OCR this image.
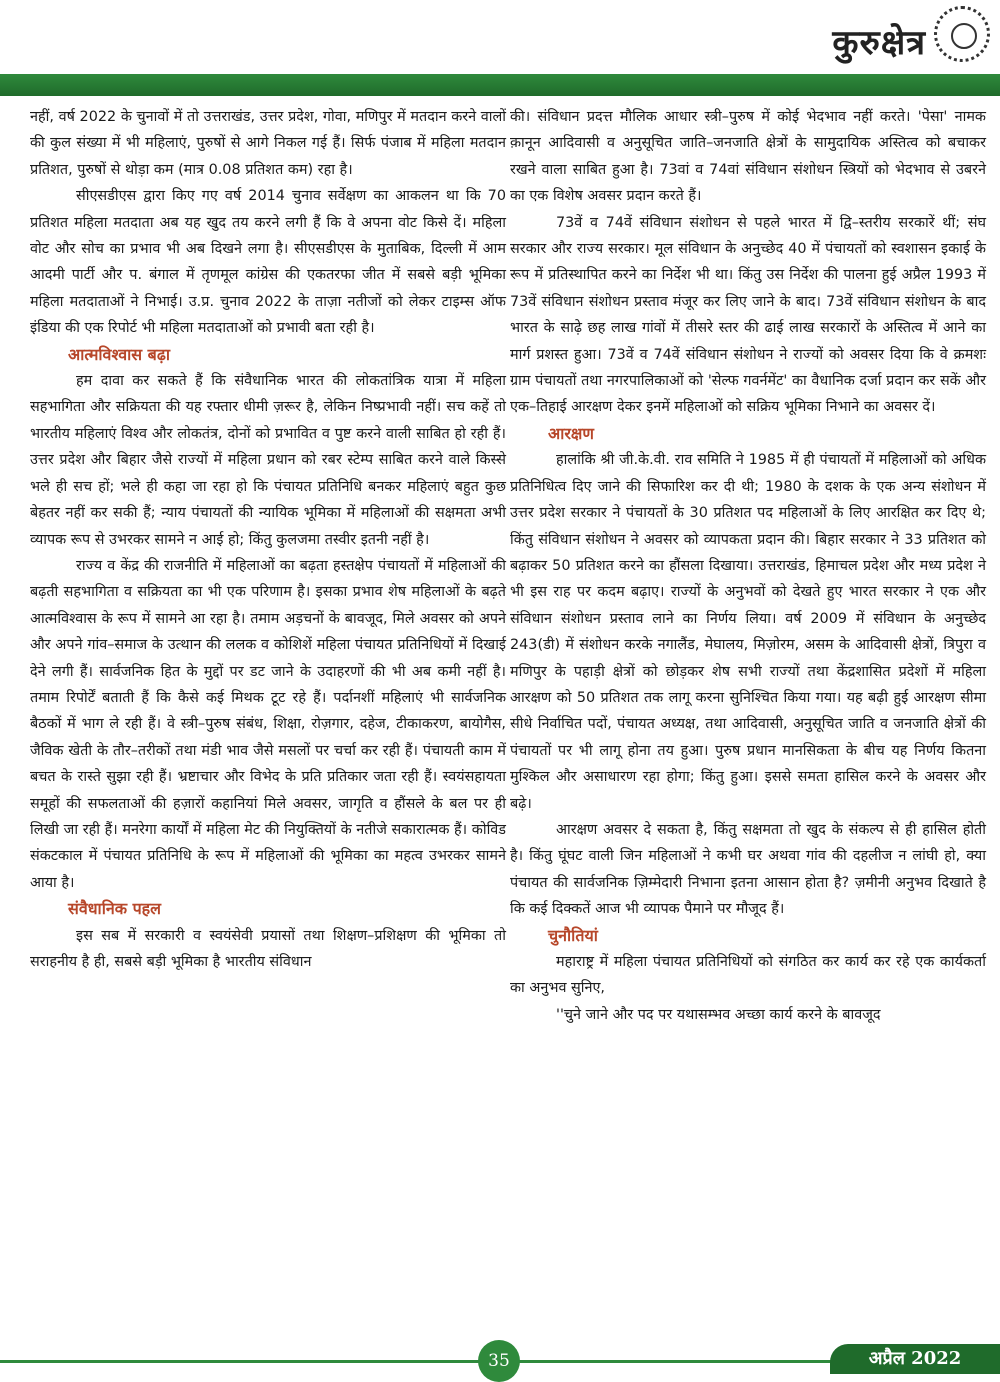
कुरुक्षेत्र

नहीं, वर्ष 2022 के चुनावों में तो उत्तराखंड, उत्तर प्रदेश, गोवा, मणिपुर में मतदान करने वालों की कुल संख्या में भी महिलाएं, पुरुषों से आगे निकल गई हैं। सिर्फ पंजाब में महिला मतदान प्रतिशत, पुरुषों से थोड़ा कम (मात्र 0.08 प्रतिशत कम) रहा है।

सीएसडीएस द्वारा किए गए वर्ष 2014 चुनाव सर्वेक्षण का आकलन था कि 70 प्रतिशत महिला मतदाता अब यह खुद तय करने लगी हैं कि वे अपना वोट किसे दें। महिला वोट और सोच का प्रभाव भी अब दिखने लगा है। सीएसडीएस के मुताबिक, दिल्ली में आम आदमी पार्टी और प. बंगाल में तृणमूल कांग्रेस की एकतरफा जीत में सबसे बड़ी भूमिका महिला मतदाताओं ने निभाई। उ.प्र. चुनाव 2022 के ताज़ा नतीजों को लेकर टाइम्स ऑफ इंडिया की एक रिपोर्ट भी महिला मतदाताओं को प्रभावी बता रही है।

आत्मविश्वास बढ़ा

हम दावा कर सकते हैं कि संवैधानिक भारत की लोकतांत्रिक यात्रा में महिला सहभागिता और सक्रियता की यह रफ्तार धीमी ज़रूर है, लेकिन निष्प्रभावी नहीं। सच कहें तो भारतीय महिलाएं विश्व और लोकतंत्र, दोनों को प्रभावित व पुष्ट करने वाली साबित हो रही हैं। उत्तर प्रदेश और बिहार जैसे राज्यों में महिला प्रधान को रबर स्टेम्प साबित करने वाले किस्से भले ही सच हों; भले ही कहा जा रहा हो कि पंचायत प्रतिनिधि बनकर महिलाएं बहुत कुछ बेहतर नहीं कर सकी हैं; न्याय पंचायतों की न्यायिक भूमिका में महिलाओं की सक्षमता अभी व्यापक रूप से उभरकर सामने न आई हो; किंतु कुलजमा तस्वीर इतनी नहीं है।

राज्य व केंद्र की राजनीति में महिलाओं का बढ़ता हस्तक्षेप पंचायतों में महिलाओं की बढ़ती सहभागिता व सक्रियता का भी एक परिणाम है। इसका प्रभाव शेष महिलाओं के बढ़ते आत्मविश्वास के रूप में सामने आ रहा है। तमाम अड़चनों के बावजूद, मिले अवसर को अपने और अपने गांव–समाज के उत्थान की ललक व कोशिशें महिला पंचायत प्रतिनिधियों में दिखाई देने लगी हैं। सार्वजनिक हित के मुद्दों पर डट जाने के उदाहरणों की भी अब कमी नहीं है। तमाम रिपोर्टें बताती हैं कि कैसे कई मिथक टूट रहे हैं। पर्दानशीं महिलाएं भी सार्वजनिक बैठकों में भाग ले रही हैं। वे स्त्री–पुरुष संबंध, शिक्षा, रोज़गार, दहेज, टीकाकरण, बायोगैस, जैविक खेती के तौर–तरीकों तथा मंडी भाव जैसे मसलों पर चर्चा कर रही हैं। पंचायती काम में बचत के रास्ते सुझा रही हैं। भ्रष्टाचार और विभेद के प्रति प्रतिकार जता रही हैं। स्वयंसहायता समूहों की सफलताओं की हज़ारों कहानियां मिले अवसर, जागृति व हौंसले के बल पर ही लिखी जा रही हैं। मनरेगा कार्यों में महिला मेट की नियुक्तियों के नतीजे सकारात्मक हैं। कोविड संकटकाल में पंचायत प्रतिनिधि के रूप में महिलाओं की भूमिका का महत्व उभरकर सामने आया है।

संवैधानिक पहल

इस सब में सरकारी व स्वयंसेवी प्रयासों तथा शिक्षण–प्रशिक्षण की भूमिका तो सराहनीय है ही, सबसे बड़ी भूमिका है भारतीय संविधान

की। संविधान प्रदत्त मौलिक आधार स्त्री–पुरुष में कोई भेदभाव नहीं करते। 'पेसा' नामक क़ानून आदिवासी व अनुसूचित जाति–जनजाति क्षेत्रों के सामुदायिक अस्तित्व को बचाकर रखने वाला साबित हुआ है। 73वां व 74वां संविधान संशोधन स्त्रियों को भेदभाव से उबरने का एक विशेष अवसर प्रदान करते हैं।

73वें व 74वें संविधान संशोधन से पहले भारत में द्वि–स्तरीय सरकारें थीं; संघ सरकार और राज्य सरकार। मूल संविधान के अनुच्छेद 40 में पंचायतों को स्वशासन इकाई के रूप में प्रतिस्थापित करने का निर्देश भी था। किंतु उस निर्देश की पालना हुई अप्रैल 1993 में 73वें संविधान संशोधन प्रस्ताव मंजूर कर लिए जाने के बाद। 73वें संविधान संशोधन के बाद भारत के साढ़े छह लाख गांवों में तीसरे स्तर की ढाई लाख सरकारों के अस्तित्व में आने का मार्ग प्रशस्त हुआ। 73वें व 74वें संविधान संशोधन ने राज्यों को अवसर दिया कि वे क्रमशः ग्राम पंचायतों तथा नगरपालिकाओं को 'सेल्फ गवर्नमेंट' का वैधानिक दर्जा प्रदान कर सकें और एक–तिहाई आरक्षण देकर इनमें महिलाओं को सक्रिय भूमिका निभाने का अवसर दें।

आरक्षण

हालांकि श्री जी.के.वी. राव समिति ने 1985 में ही पंचायतों में महिलाओं को अधिक प्रतिनिधित्व दिए जाने की सिफारिश कर दी थी; 1980 के दशक के एक अन्य संशोधन में उत्तर प्रदेश सरकार ने पंचायतों के 30 प्रतिशत पद महिलाओं के लिए आरक्षित कर दिए थे; किंतु संविधान संशोधन ने अवसर को व्यापकता प्रदान की। बिहार सरकार ने 33 प्रतिशत को बढ़ाकर 50 प्रतिशत करने का हौंसला दिखाया। उत्तराखंड, हिमाचल प्रदेश और मध्य प्रदेश ने भी इस राह पर कदम बढ़ाए। राज्यों के अनुभवों को देखते हुए भारत सरकार ने एक और संविधान संशोधन प्रस्ताव लाने का निर्णय लिया। वर्ष 2009 में संविधान के अनुच्छेद 243(डी) में संशोधन करके नगालैंड, मेघालय, मिज़ोरम, असम के आदिवासी क्षेत्रों, त्रिपुरा व मणिपुर के पहाड़ी क्षेत्रों को छोड़कर शेष सभी राज्यों तथा केंद्रशासित प्रदेशों में महिला आरक्षण को 50 प्रतिशत तक लागू करना सुनिश्चित किया गया। यह बढ़ी हुई आरक्षण सीमा सीधे निर्वाचित पदों, पंचायत अध्यक्ष, तथा आदिवासी, अनुसूचित जाति व जनजाति क्षेत्रों की पंचायतों पर भी लागू होना तय हुआ। पुरुष प्रधान मानसिकता के बीच यह निर्णय कितना मुश्किल और असाधारण रहा होगा; किंतु हुआ। इससे समता हासिल करने के अवसर और बढ़े।

आरक्षण अवसर दे सकता है, किंतु सक्षमता तो खुद के संकल्प से ही हासिल होती है। किंतु घूंघट वाली जिन महिलाओं ने कभी घर अथवा गांव की दहलीज न लांघी हो, क्या पंचायत की सार्वजनिक ज़िम्मेदारी निभाना इतना आसान होता है? ज़मीनी अनुभव दिखाते है कि कई दिक्कतें आज भी व्यापक पैमाने पर मौजूद हैं।

चुनौतियां

महाराष्ट्र में महिला पंचायत प्रतिनिधियों को संगठित कर कार्य कर रहे एक कार्यकर्ता का अनुभव सुनिए,

''चुने जाने और पद पर यथासम्भव अच्छा कार्य करने के बावजूद

35	अप्रैल 2022
